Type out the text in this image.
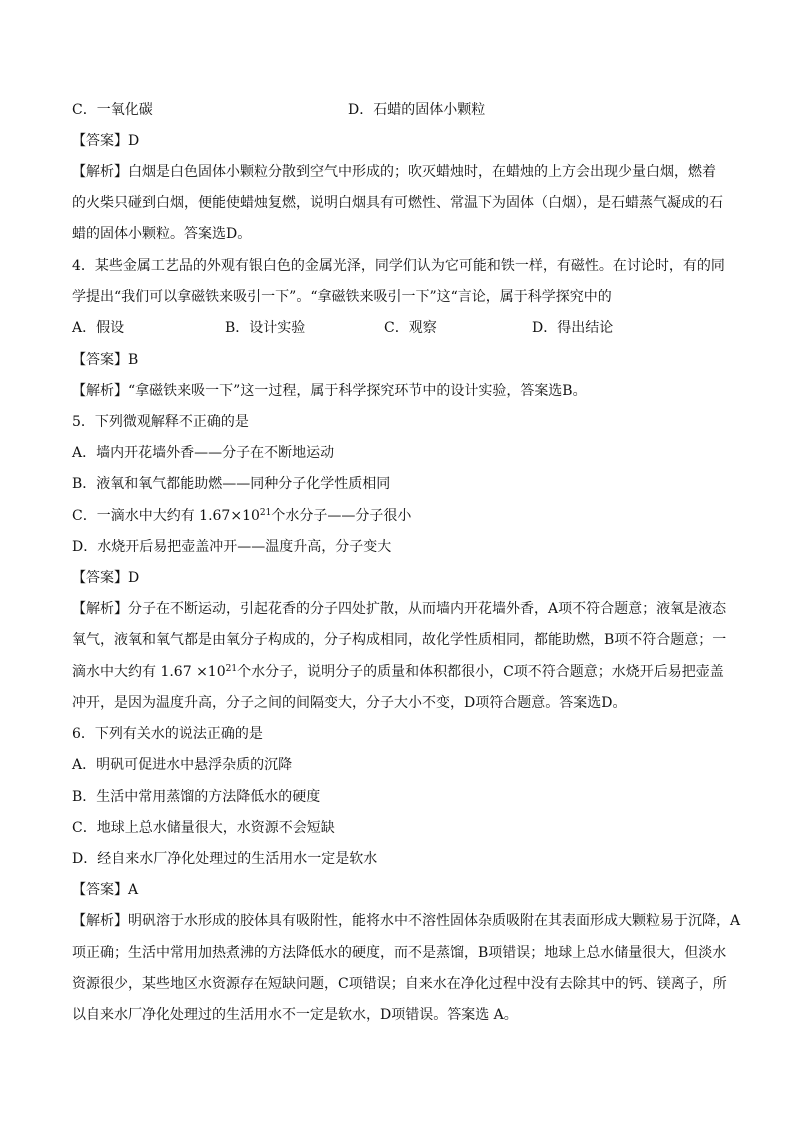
C．一氧化碳	D．石蜡的固体小颗粒
【答案】D
【解析】白烟是白色固体小颗粒分散到空气中形成的；吹灭蜡烛时，在蜡烛的上方会出现少量白烟，燃着
的火柴只碰到白烟，便能使蜡烛复燃，说明白烟具有可燃性、常温下为固体（白烟），是石蜡蒸气凝成的石
蜡的固体小颗粒。答案选D。
4．某些金属工艺品的外观有银白色的金属光泽，同学们认为它可能和铁一样，有磁性。在讨论时，有的同
学提出“我们可以拿磁铁来吸引一下”。“拿磁铁来吸引一下”这“言论，属于科学探究中的
A．假设	B．设计实验	C．观察	D．得出结论
【答案】B
【解析】“拿磁铁来吸一下”这一过程，属于科学探究环节中的设计实验，答案选B。
5．下列微观解释不正确的是
A．墙内开花墙外香——分子在不断地运动
B．液氧和氧气都能助燃——同种分子化学性质相同
C．一滴水中大约有 $1.67\times 10^{21}$个水分子——分子很小
D．水烧开后易把壶盖冲开——温度升高，分子变大
【答案】D
【解析】分子在不断运动，引起花香的分子四处扩散，从而墙内开花墙外香，A项不符合题意；液氧是液态
氧气，液氧和氧气都是由氧分子构成的，分子构成相同，故化学性质相同，都能助燃，B项不符合题意；一
滴水中大约有 $1.67 \times 10^{21}$个水分子，说明分子的质量和体积都很小，C项不符合题意；水烧开后易把壶盖
冲开，是因为温度升高，分子之间的间隔变大，分子大小不变，D项符合题意。答案选D。
6．下列有关水的说法正确的是
A．明矾可促进水中悬浮杂质的沉降
B．生活中常用蒸馏的方法降低水的硬度
C．地球上总水储量很大，水资源不会短缺
D．经自来水厂净化处理过的生活用水一定是软水
【答案】A
【解析】明矾溶于水形成的胶体具有吸附性，能将水中不溶性固体杂质吸附在其表面形成大颗粒易于沉降，A
项正确；生活中常用加热煮沸的方法降低水的硬度，而不是蒸馏，B项错误；地球上总水储量很大，但淡水
资源很少，某些地区水资源存在短缺问题，C项错误；自来水在净化过程中没有去除其中的钙、镁离子，所
以自来水厂净化处理过的生活用水不一定是软水，D项错误。答案选 A。
